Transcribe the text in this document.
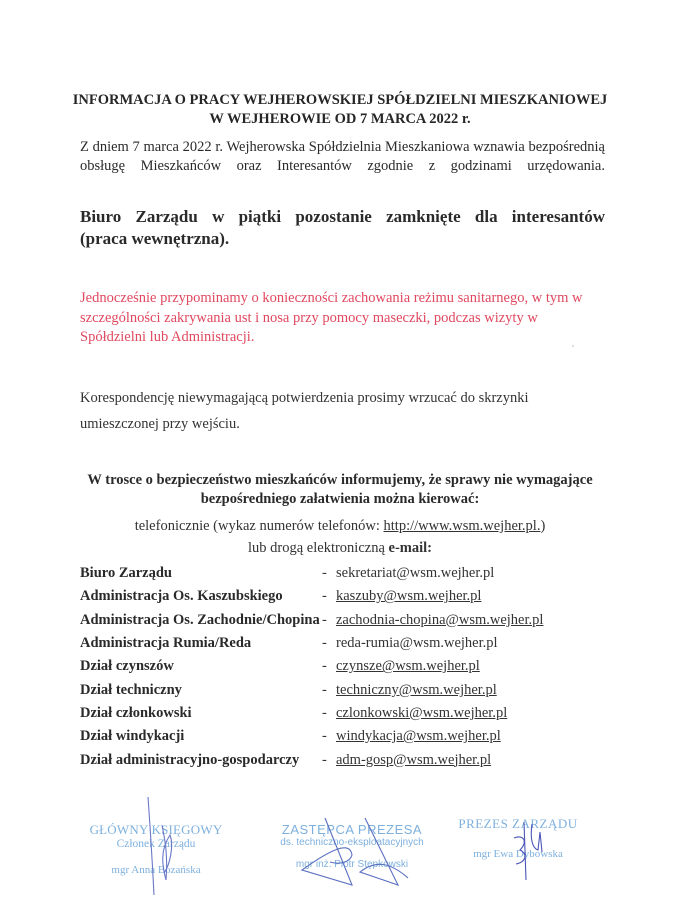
INFORMACJA O PRACY WEJHEROWSKIEJ SPÓŁDZIELNI MIESZKANIOWEJ
W WEJHEROWIE OD 7 MARCA 2022 r.
Z dniem 7 marca 2022 r. Wejherowska Spółdzielnia Mieszkaniowa wznawia bezpośrednią
obsługę Mieszkańców oraz Interesantów zgodnie z godzinami urzędowania.
Biuro Zarządu w piątki pozostanie zamknięte dla interesantów
(praca wewnętrzna).
Jednocześnie przypominamy o konieczności zachowania reżimu sanitarnego, w tym w szczególności zakrywania ust i nosa przy pomocy maseczki, podczas wizyty w Spółdzielni lub Administracji.
Korespondencję niewymagającą potwierdzenia prosimy wrzucać do skrzynki umieszczonej przy wejściu.
W trosce o bezpieczeństwo mieszkańców informujemy, że sprawy nie wymagające
bezpośredniego załatwienia można kierować:
telefonicznie (wykaz numerów telefonów: http://www.wsm.wejher.pl.)
lub drogą elektroniczną e-mail:
Biuro Zarządu	- sekretariat@wsm.wejher.pl
Administracja Os. Kaszubskiego	- kaszuby@wsm.wejher.pl
Administracja Os. Zachodnie/Chopina - zachodnia-chopina@wsm.wejher.pl
Administracja Rumia/Reda	- reda-rumia@wsm.wejher.pl
Dział czynszów	- czynsze@wsm.wejher.pl
Dział techniczny	- techniczny@wsm.wejher.pl
Dział członkowski	- czlonkowski@wsm.wejher.pl
Dział windykacji	- windykacja@wsm.wejher.pl
Dział administracyjno-gospodarczy	- adm-gosp@wsm.wejher.pl
GŁÓWNY KSIĘGOWY
Członek Zarządu
mgr Anna Bozańska
ZASTĘPCA PREZESA
ds. techniczno-eksploatacyjnych
mgr inż. Piotr Stępkowski
PREZES ZARZĄDU
mgr Ewa Dybowska
